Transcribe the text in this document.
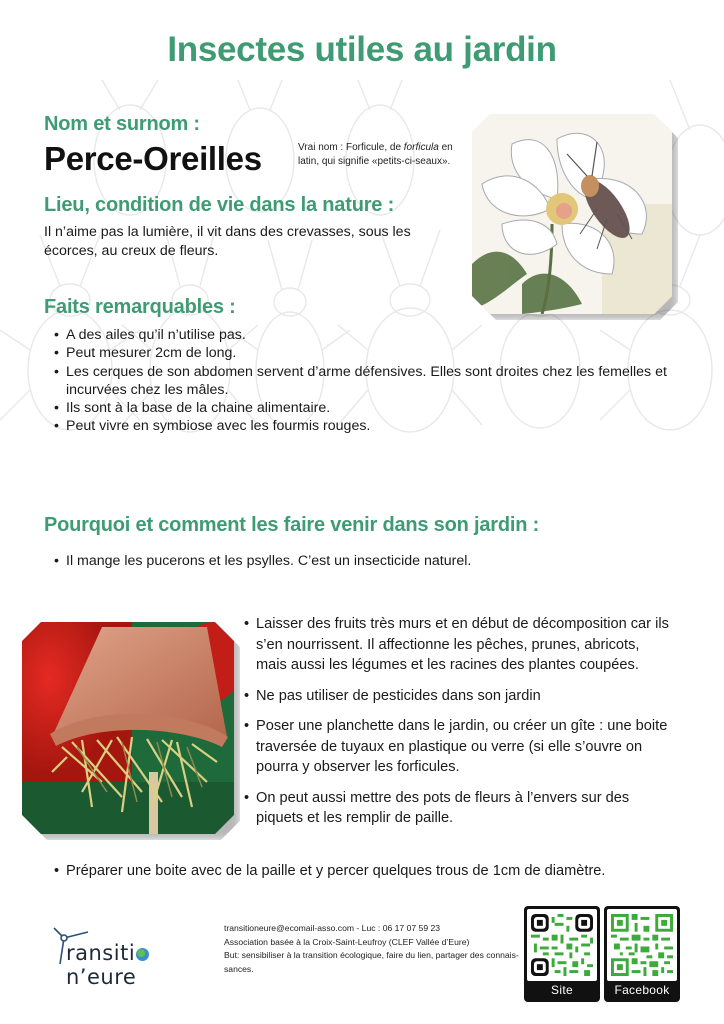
Insectes utiles au jardin
Nom et surnom :
Perce-Oreilles	Vrai nom : Forficule, de forficula en latin, qui signifie «petits-ci-seaux».
Lieu, condition de vie dans la nature :

Il n’aime pas la lumière, il vit dans des crevasses, sous les écorces, au creux de fleurs.

Faits remarquables :
• A des ailes qu’il n’utilise pas.
• Peut mesurer 2cm de long.
• Les cerques de son abdomen servent d’arme défensives. Elles sont droites chez les femelles et incurvées chez les mâles.
• Ils sont à la base de la chaine alimentaire.
• Peut vivre en symbiose avec les fourmis rouges.
Pourquoi et comment les faire venir dans son jardin :
• Il mange les pucerons et les psylles. C’est un insecticide naturel.
• Laisser des fruits très murs et en début de décomposition car ils s’en nourrissent. Il affectionne les pêches, prunes, abricots, mais aussi les légumes et les racines des plantes coupées.
• Ne pas utiliser de pesticides dans son jardin
• Poser une planchette dans le jardin, ou créer un gîte : une boite traversée de tuyaux en plastique ou verre (si elle s’ouvre on pourra y observer les forficules.
• On peut aussi mettre des pots de fleurs à l’envers sur des piquets et les remplir de paille.
• Préparer une boite avec de la paille et y percer quelques trous de 1cm de diamètre.
ransitin’eure
transitioneure@ecomail-asso.com - Luc : 06 17 07 59 23
Association basée à la Croix-Saint-Leufroy (CLEF Vallée d’Eure)
But: sensibiliser à la transition écologique, faire du lien, partager des connais-sances.
Site	Facebook
